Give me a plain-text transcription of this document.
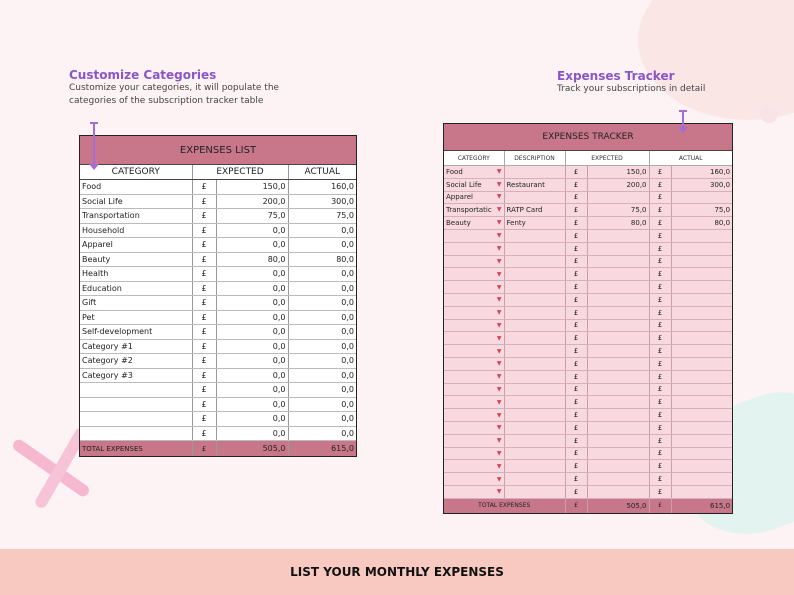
Customize Categories
Customize your categories, it will populate the categories of the subscription tracker table
Expenses Tracker
Track your subscriptions in detail
EXPENSES LIST
CATEGORY	EXPECTED		ACTUAL
Food	£	150,0	160,0
Social Life	£	200,0	300,0
Transportation	£	75,0	75,0
Household	£	0,0	0,0
Apparel	£	0,0	0,0
Beauty	£	80,0	80,0
Health	£	0,0	0,0
Education	£	0,0	0,0
Gift	£	0,0	0,0
Pet	£	0,0	0,0
Self-development	£	0,0	0,0
Category #1	£	0,0	0,0
Category #2	£	0,0	0,0
Category #3	£	0,0	0,0
	£	0,0	0,0
	£	0,0	0,0
	£	0,0	0,0
	£	0,0	0,0
TOTAL EXPENSES	£	505,0	615,0
EXPENSES TRACKER
CATEGORY	DESCRIPTION	EXPECTED		ACTUAL	
Food ▼		£	150,0	£	160,0
Social Life ▼	Restaurant	£	200,0	£	300,0
Apparel ▼		£		£	
Transportatic ▼	RATP Card	£	75,0	£	75,0
Beauty ▼	Fenty	£	80,0	£	80,0

▼		£		£	

▼		£		£	

▼		£		£	

▼		£		£	

▼		£		£	

▼		£		£	

▼		£		£	

▼		£		£	

▼		£		£	

▼		£		£	

▼		£		£	

▼		£		£	

▼		£		£	

▼		£		£	

▼		£		£	

▼		£		£	

▼		£		£	

▼		£		£	

▼		£		£	

▼		£		£	

▼		£		£	
TOTAL EXPENSES		£	505,0	£	615,0
LIST YOUR MONTHLY EXPENSES
